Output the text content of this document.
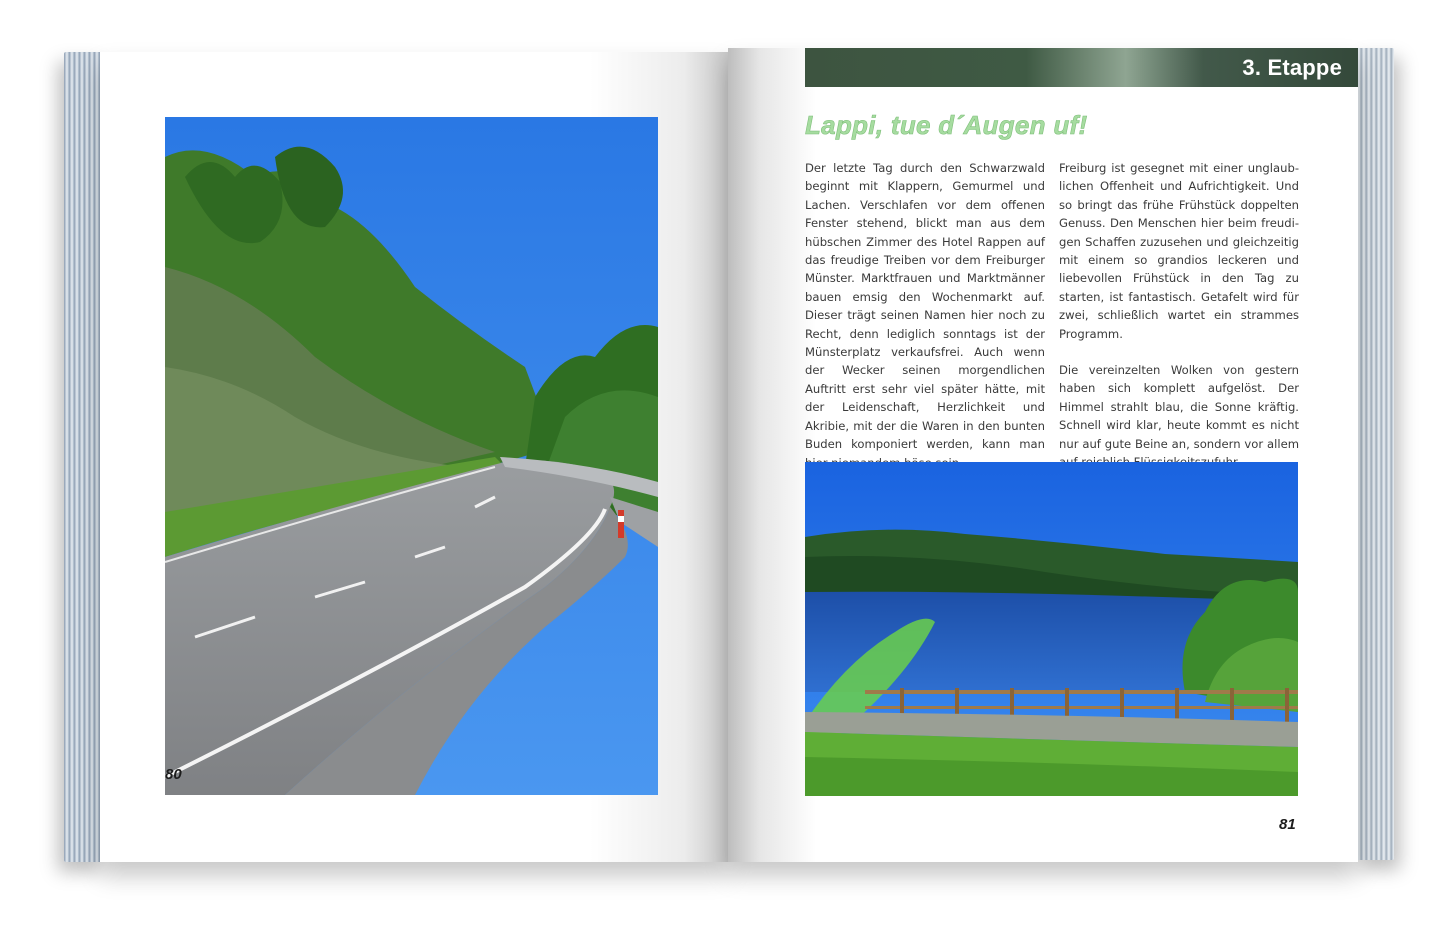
80
3. Etappe
Lappi, tue d´Augen uf!

Der letzte Tag durch den Schwarzwald beginnt mit Klappern, Gemurmel und Lachen. Verschlafen vor dem offenen Fenster stehend, blickt man aus dem hübschen Zimmer des Hotel Rappen auf das freudige Treiben vor dem Freiburger Münster. Marktfrauen und Marktmänner bauen emsig den Wochenmarkt auf. Dieser trägt seinen Namen hier noch zu Recht, denn lediglich sonntags ist der Münsterplatz verkaufsfrei. Auch wenn der Wecker seinen morgendlichen Auftritt erst sehr viel später hätte, mit der Leidenschaft, Herzlichkeit und Akribie, mit der die Waren in den bunten Buden komponiert werden, kann man

Freiburg ist gesegnet mit einer unglaublichen Offenheit und Aufrichtigkeit. Und so bringt das frühe Frühstück doppelten Genuss. Den Menschen hier beim freudigen Schaffen zuzusehen und gleichzeitig mit einem so grandios leckeren und liebevollen Frühstück in den Tag zu starten, ist fantastisch. Getafelt wird für zwei, schließlich wartet ein strammes Programm.

Die vereinzelten Wolken von gestern haben sich komplett aufgelöst. Der Himmel strahlt blau, die Sonne kräftig. Schnell wird klar, heute kommt es nicht nur auf gute Beine an, sondern vor allem

81
